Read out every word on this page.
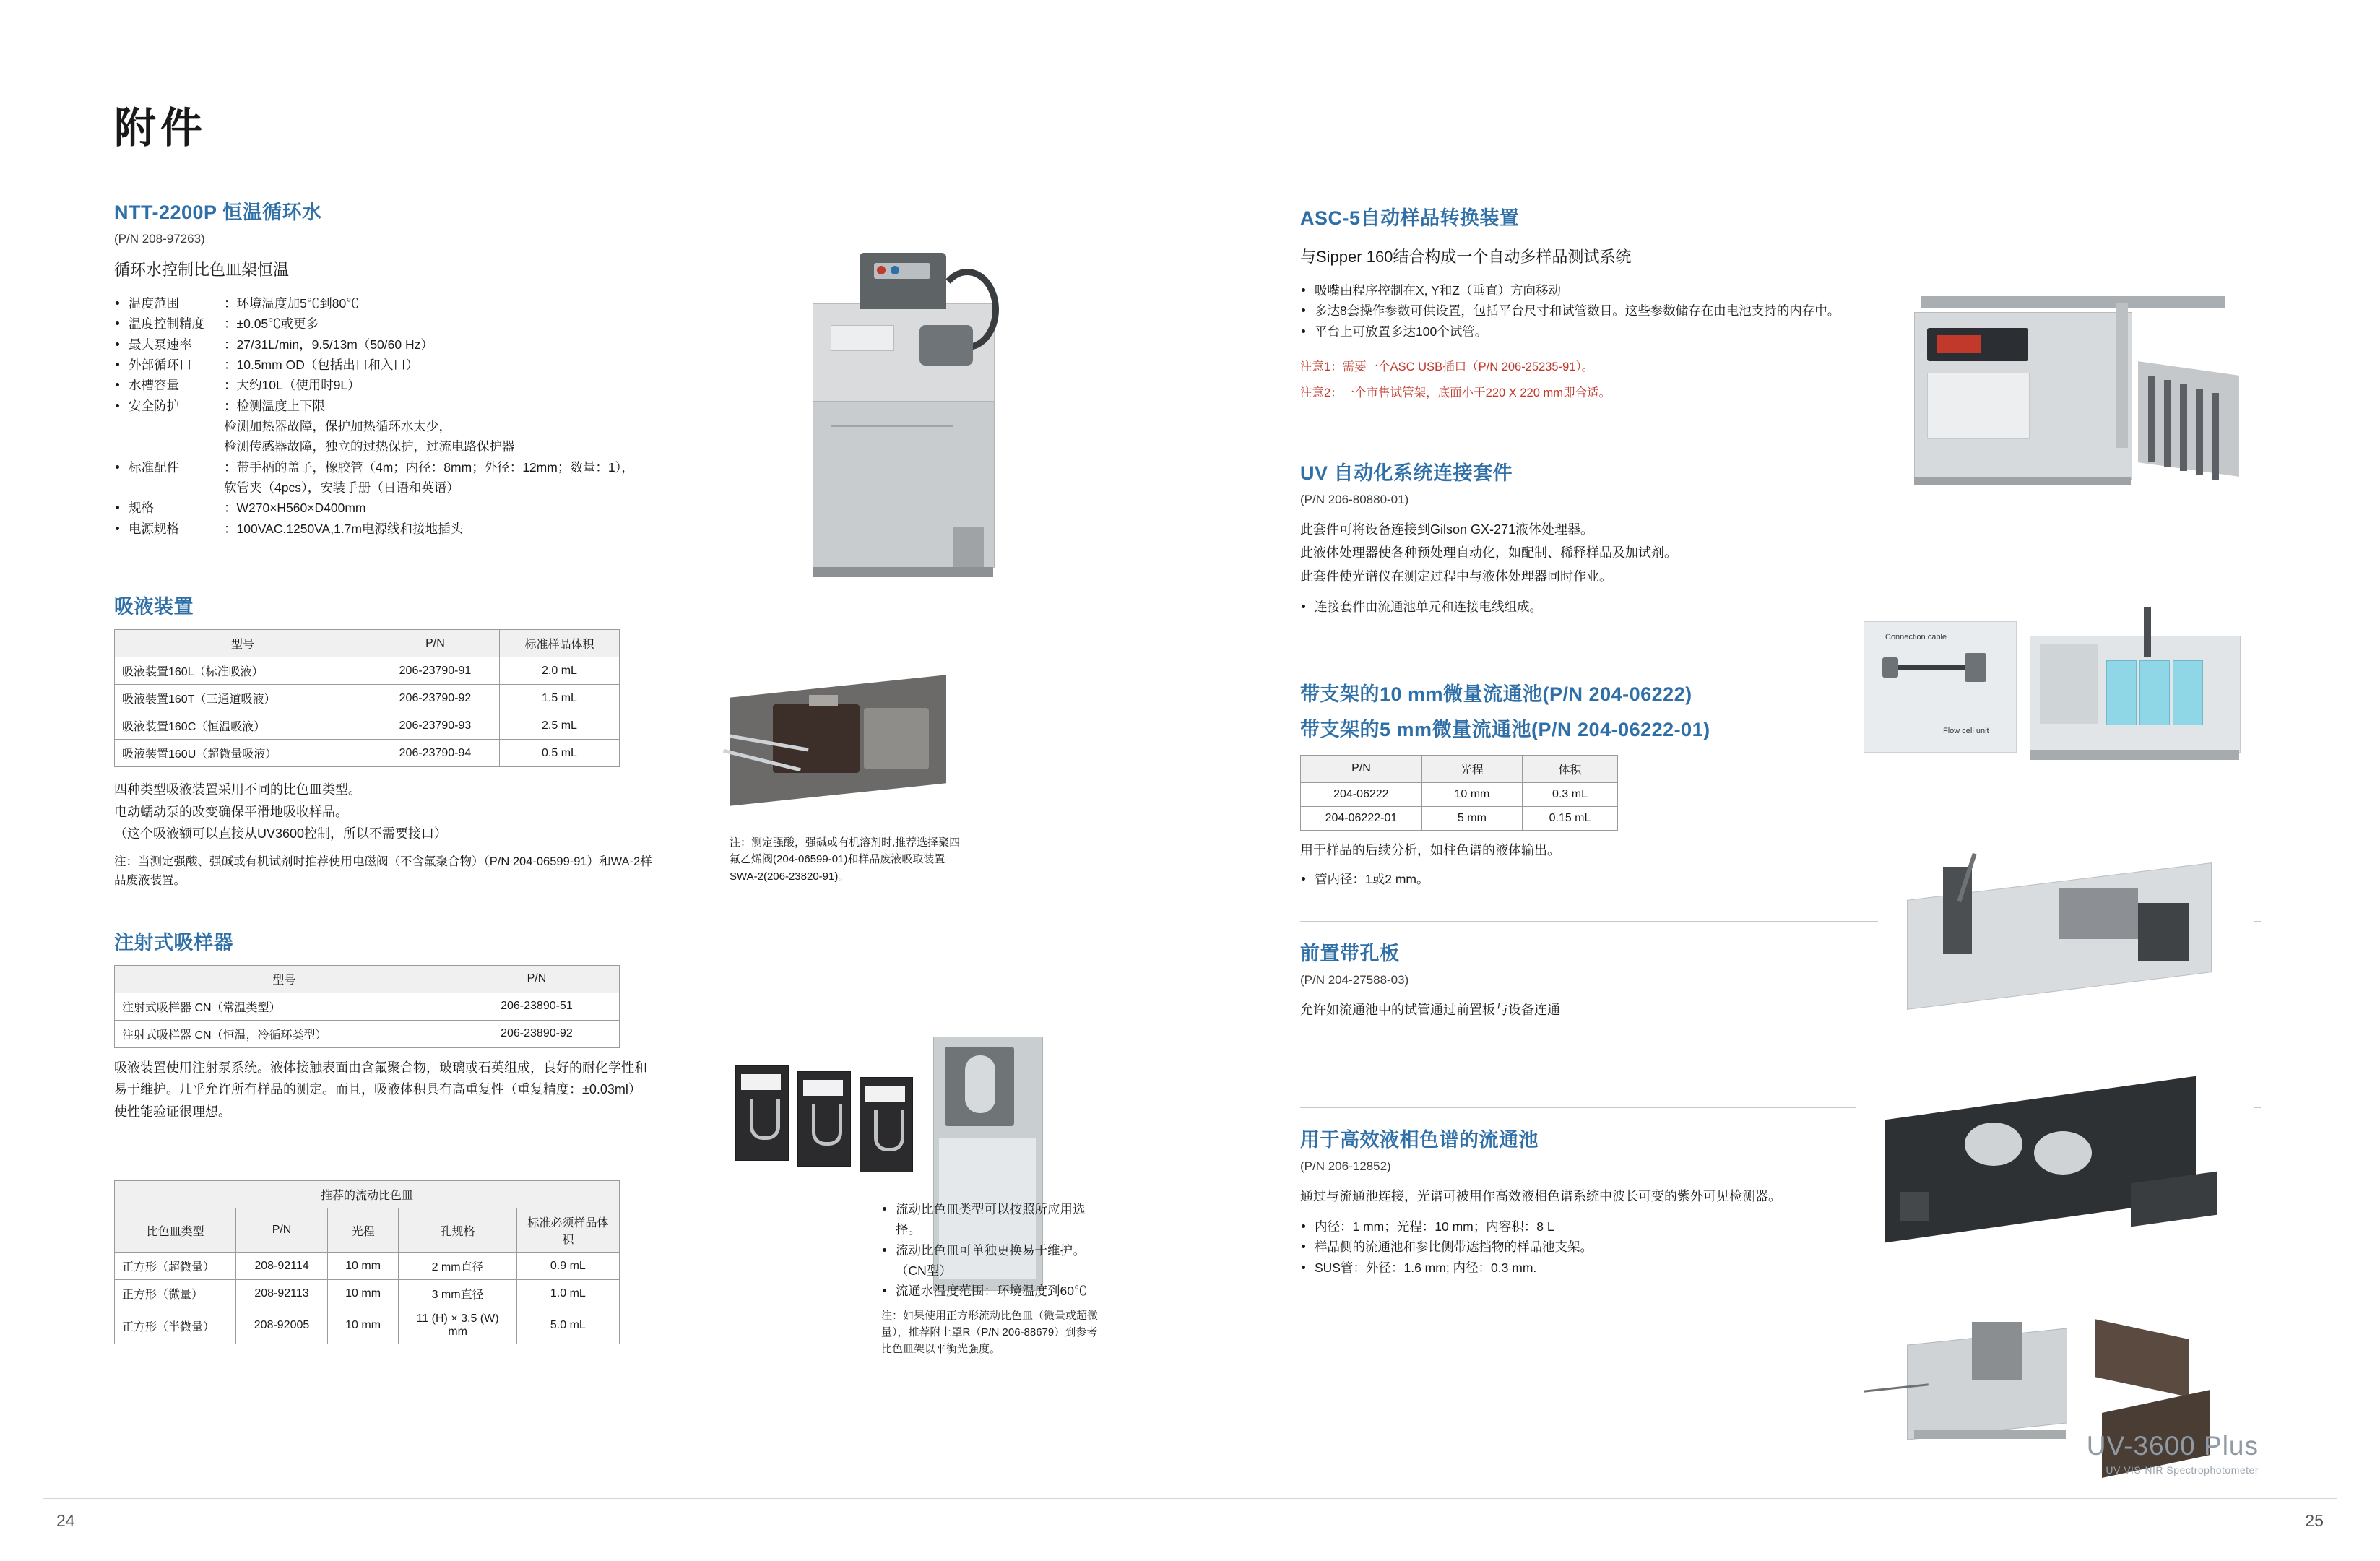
附件
NTT-2200P 恒温循环水
(P/N 208-97263)
循环水控制比色皿架恒温
温度范围	：环境温度加5℃到80℃
温度控制精度	：±0.05℃或更多
最大泵速率	：27/31L/min，9.5/13m（50/60 Hz）
外部循环口	：10.5mm OD（包括出口和入口）
水槽容量	：大约10L（使用时9L）
安全防护	：检测温度上下限
检测加热器故障，保护加热循环水太少，
检测传感器故障，独立的过热保护，过流电路保护器
标准配件	：带手柄的盖子，橡胶管（4m；内径：8mm；外径：12mm；数量：1），
软管夹（4pcs），安装手册（日语和英语）
规格	：W270×H560×D400mm
电源规格	：100VAC.1250VA,1.7m电源线和接地插头
吸液装置
型号	P/N	标准样品体积
吸液装置160L（标准吸液）	206-23790-91	2.0 mL
吸液装置160T（三通道吸液）	206-23790-92	1.5 mL
吸液装置160C（恒温吸液）	206-23790-93	2.5 mL
吸液装置160U（超微量吸液）	206-23790-94	0.5 mL
四种类型吸液装置采用不同的比色皿类型。
电动蠕动泵的改变确保平滑地吸收样品。
（这个吸液额可以直接从UV3600控制，所以不需要接口）
注：当测定强酸、强碱或有机试剂时推荐使用电磁阀（不含氟聚合物）（P/N 204-06599-91）和WA-2样品废液装置。
注射式吸样器
型号	P/N
注射式吸样器 CN（常温类型）	206-23890-51
注射式吸样器 CN（恒温，冷循环类型）	206-23890-92
吸液装置使用注射泵系统。液体接触表面由含氟聚合物，玻璃或石英组成，良好的耐化学性和易于维护。几乎允许所有样品的测定。而且，吸液体积具有高重复性（重复精度：±0.03ml）使性能验证很理想。
推荐的流动比色皿				
比色皿类型	P/N	光程	孔规格	标准必须样品体积
正方形（超微量）	208-92114	10 mm	2 mm直径	0.9 mL
正方形（微量）	208-92113	10 mm	3 mm直径	1.0 mL
正方形（半微量）	208-92005	10 mm	11 (H) × 3.5 (W) mm	5.0 mL
注：测定强酸，强碱或有机溶剂时,推荐选择聚四氟乙烯阀(204-06599-01)和样品废液吸取装置SWA-2(206-23820-91)。
流动比色皿类型可以按照所应用选择。
流动比色皿可单独更换易于维护。（CN型）
流通水温度范围：环境温度到60℃
注：如果使用正方形流动比色皿（微量或超微量），推荐附上罩R（P/N 206-88679）到参考比色皿架以平衡光强度。
ASC-5自动样品转换装置
与Sipper 160结合构成一个自动多样品测试系统
吸嘴由程序控制在X, Y和Z（垂直）方向移动
多达8套操作参数可供设置，包括平台尺寸和试管数目。这些参数储存在由电池支持的内存中。
平台上可放置多达100个试管。
注意1：需要一个ASC USB插口（P/N 206-25235-91）。
注意2：一个市售试管架，底面小于220 X 220 mm即合适。
UV 自动化系统连接套件
(P/N 206-80880-01)
此套件可将设备连接到Gilson GX-271液体处理器。
此液体处理器使各种预处理自动化，如配制、稀释样品及加试剂。
此套件使光谱仪在测定过程中与液体处理器同时作业。
连接套件由流通池单元和连接电线组成。
带支架的10 mm微量流通池(P/N 204-06222)
带支架的5 mm微量流通池(P/N 204-06222-01)
P/N	光程	体积
204-06222	10 mm	0.3 mL
204-06222-01	5 mm	0.15 mL
用于样品的后续分析，如柱色谱的液体输出。
管内径：1或2 mm。
前置带孔板
(P/N 204-27588-03)
允许如流通池中的试管通过前置板与设备连通
用于高效液相色谱的流通池
(P/N 206-12852)
通过与流通池连接，光谱可被用作高效液相色谱系统中波长可变的紫外可见检测器。
内径：1 mm；光程：10 mm；内容积：8 L
样品侧的流通池和参比侧带遮挡物的样品池支架。
SUS管：外径：1.6 mm; 内径：0.3 mm.
Connection cable
Flow cell unit
24	25
UV-3600 Plus
UV-VIS-NIR Spectrophotometer
